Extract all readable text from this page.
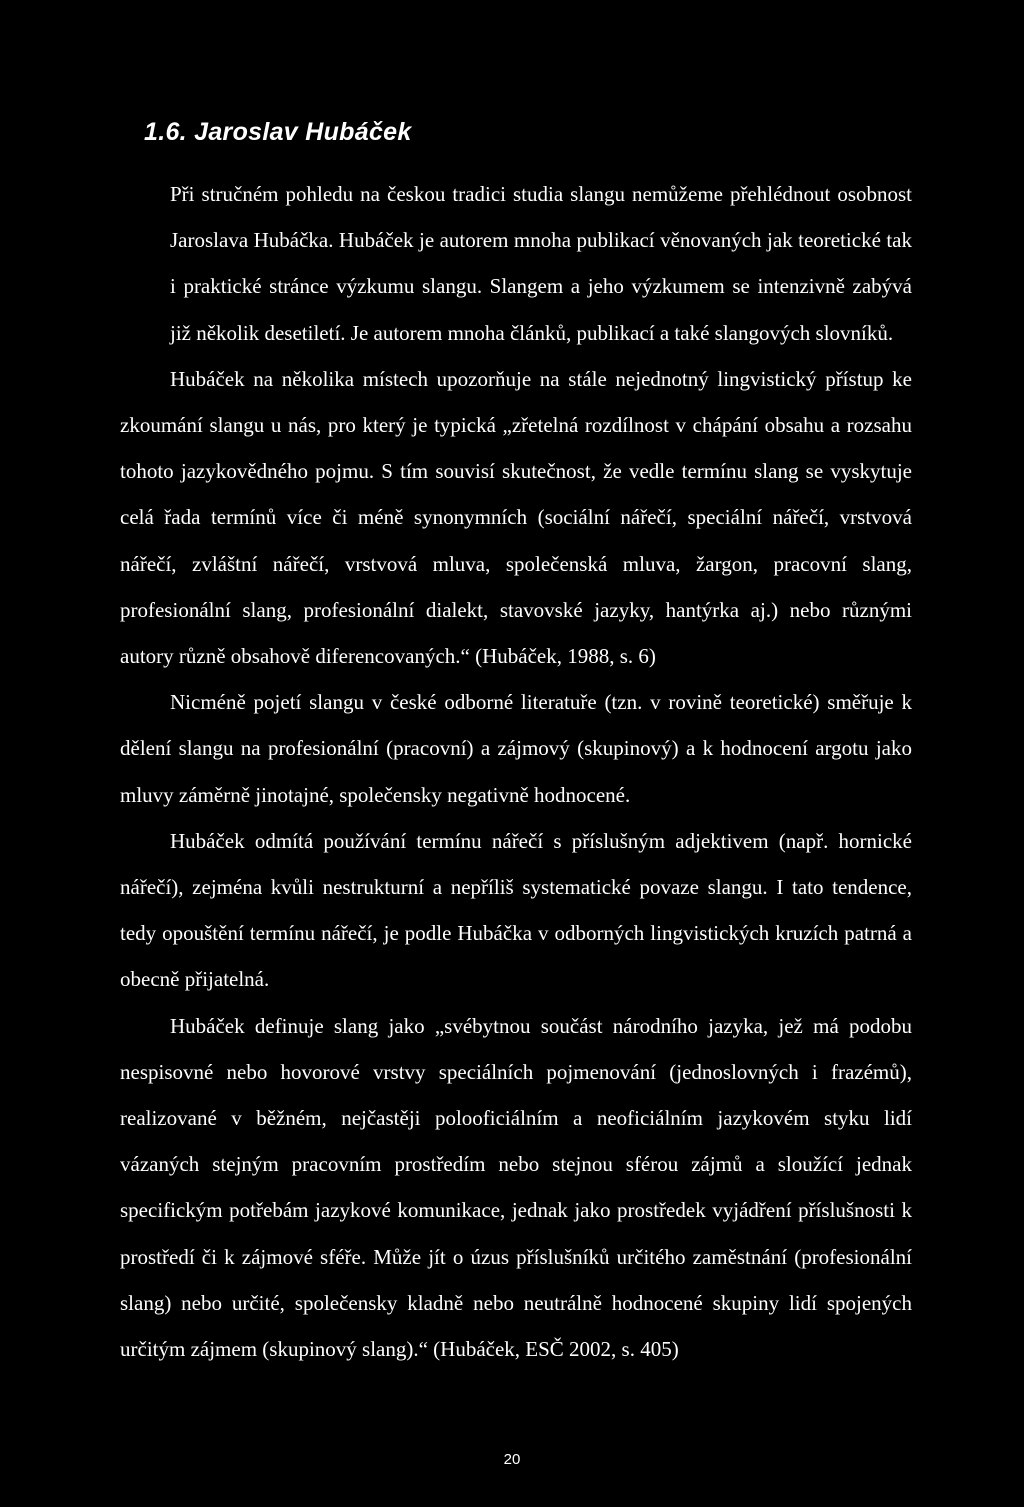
1.6. Jaroslav Hubáček

Při stručném pohledu na českou tradici studia slangu nemůžeme přehlédnout osobnost Jaroslava Hubáčka. Hubáček je autorem mnoha publikací věnovaných jak teoretické tak i praktické stránce výzkumu slangu. Slangem a jeho výzkumem se intenzivně zabývá již několik desetiletí. Je autorem mnoha článků, publikací a také slangových slovníků.

Hubáček na několika místech upozorňuje na stále nejednotný lingvistický přístup ke zkoumání slangu u nás, pro který je typická „zřetelná rozdílnost v chápání obsahu a rozsahu tohoto jazykovědného pojmu. S tím souvisí skutečnost, že vedle termínu slang se vyskytuje celá řada termínů více či méně synonymních (sociální nářečí, speciální nářečí, vrstvová nářečí, zvláštní nářečí, vrstvová mluva, společenská mluva, žargon, pracovní slang, profesionální slang, profesionální dialekt, stavovské jazyky, hantýrka aj.) nebo různými autory různě obsahově diferencovaných.“ (Hubáček, 1988, s. 6)

Nicméně pojetí slangu v české odborné literatuře (tzn. v rovině teoretické) směřuje k dělení slangu na profesionální (pracovní) a zájmový (skupinový) a k hodnocení argotu jako mluvy záměrně jinotajné, společensky negativně hodnocené.

Hubáček odmítá používání termínu nářečí s příslušným adjektivem (např. hornické nářečí), zejména kvůli nestrukturní a nepříliš systematické povaze slangu. I tato tendence, tedy opouštění termínu nářečí, je podle Hubáčka v odborných lingvistických kruzích patrná a obecně přijatelná.

Hubáček definuje slang jako „svébytnou součást národního jazyka, jež má podobu nespisovné nebo hovorové vrstvy speciálních pojmenování (jednoslovných i frazémů), realizované v běžném, nejčastěji polooficiálním a neoficiálním jazykovém styku lidí vázaných stejným pracovním prostředím nebo stejnou sférou zájmů a sloužící jednak specifickým potřebám jazykové komunikace, jednak jako prostředek vyjádření příslušnosti k prostředí či k zájmové sféře. Může jít o úzus příslušníků určitého zaměstnání (profesionální slang) nebo určité, společensky kladně nebo neutrálně hodnocené skupiny lidí spojených určitým zájmem (skupinový slang).“ (Hubáček, ESČ 2002, s. 405)

20
